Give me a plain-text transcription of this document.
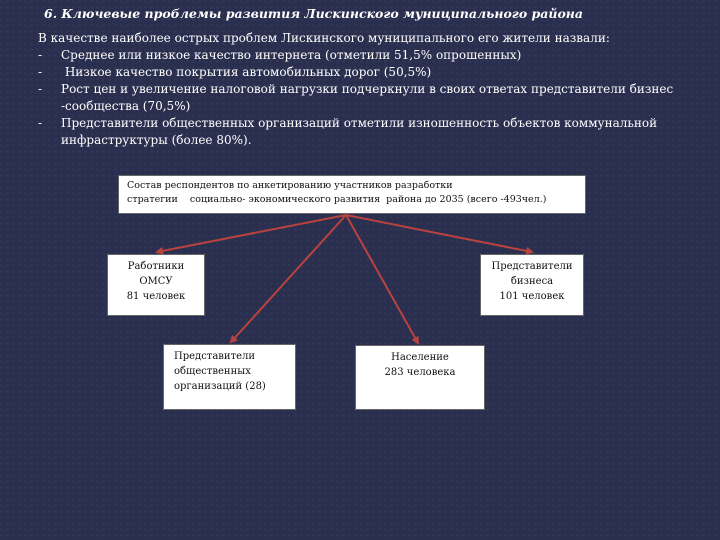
6. Ключевые проблемы развития Лискинского муниципального района

В качестве наиболее острых проблем Лискинского муниципального его жители назвали:

- Среднее или низкое качество интернета (отметили 51,5% опрошенных)
- Низкое качество покрытия автомобильных дорог (50,5%)
- Рост цен и увеличение налоговой нагрузки подчеркнули в своих ответах представители бизнес -сообщества (70,5%)
- Представители общественных организаций отметили изношенность объектов коммунальной инфраструктуры (более 80%).
Состав респондентов по анкетированию участников разработки
стратегии    социально- экономического развития  района до 2035 (всего -493чел.)
Работники
ОМСУ
81 человек
Представители
бизнеса
101 человек
Представители
общественных
организаций (28)
Население
283 человека
